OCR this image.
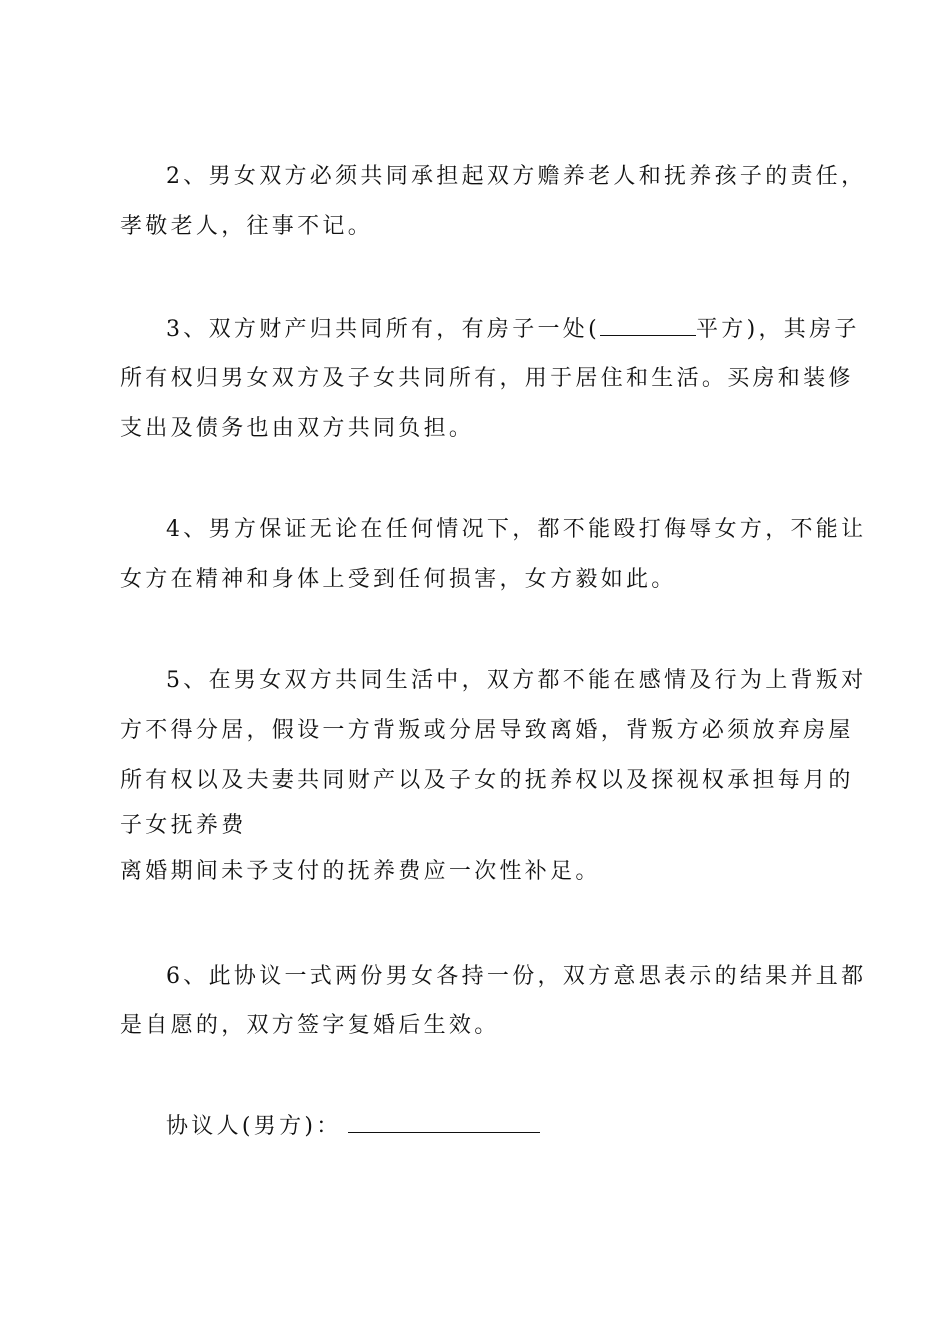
2、男女双方必须共同承担起双方赡养老人和抚养孩子的责任，
孝敬老人，往事不记。
3、双方财产归共同所有，有房子一处(	平方)，其房子
所有权归男女双方及子女共同所有，用于居住和生活。买房和装修
支出及债务也由双方共同负担。
4、男方保证无论在任何情况下，都不能殴打侮辱女方，不能让
女方在精神和身体上受到任何损害，女方毅如此。
5、在男女双方共同生活中，双方都不能在感情及行为上背叛对
方不得分居，假设一方背叛或分居导致离婚，背叛方必须放弃房屋
所有权以及夫妻共同财产以及子女的抚养权以及探视权承担每月的
子女抚养费
离婚期间未予支付的抚养费应一次性补足。
6、此协议一式两份男女各持一份，双方意思表示的结果并且都
是自愿的，双方签字复婚后生效。
协议人(男方)：
